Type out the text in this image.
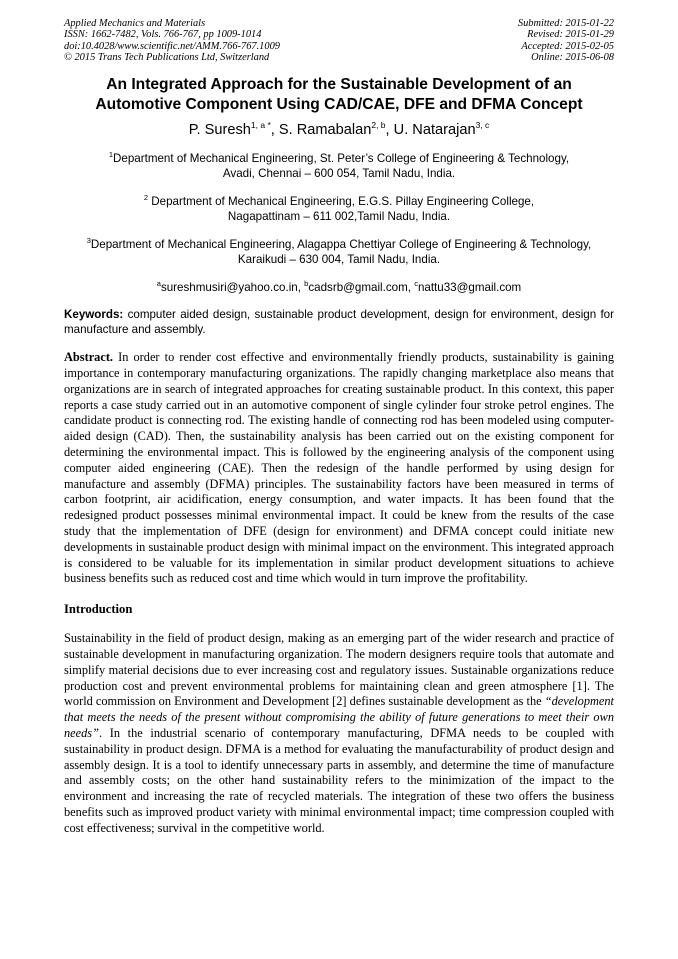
Applied Mechanics and Materials
ISSN: 1662-7482, Vols. 766-767, pp 1009-1014
doi:10.4028/www.scientific.net/AMM.766-767.1009
© 2015 Trans Tech Publications Ltd, Switzerland
Submitted: 2015-01-22
Revised: 2015-01-29
Accepted: 2015-02-05
Online: 2015-06-08
An Integrated Approach for the Sustainable Development of an
Automotive Component Using CAD/CAE, DFE and DFMA Concept
P. Suresh$^{1, a *}$, S. Ramabalan$^{2, b}$, U. Natarajan$^{3, c}$
$^1$Department of Mechanical Engineering, St. Peter’s College of Engineering & Technology,
Avadi, Chennai – 600 054, Tamil Nadu, India.
$^2$ Department of Mechanical Engineering, E.G.S. Pillay Engineering College,
Nagapattinam – 611 002,Tamil Nadu, India.
$^3$Department of Mechanical Engineering, Alagappa Chettiyar College of Engineering & Technology,
Karaikudi – 630 004, Tamil Nadu, India.
$^a$sureshmusiri@yahoo.co.in, $^b$cadsrb@gmail.com, $^c$nattu33@gmail.com
Keywords: computer aided design, sustainable product development, design for environment, design for manufacture and assembly.
Abstract. In order to render cost effective and environmentally friendly products, sustainability is gaining importance in contemporary manufacturing organizations. The rapidly changing marketplace also means that organizations are in search of integrated approaches for creating sustainable product. In this context, this paper reports a case study carried out in an automotive component of single cylinder four stroke petrol engines. The candidate product is connecting rod. The existing handle of connecting rod has been modeled using computer-aided design (CAD). Then, the sustainability analysis has been carried out on the existing component for determining the environmental impact. This is followed by the engineering analysis of the component using computer aided engineering (CAE). Then the redesign of the handle performed by using design for manufacture and assembly (DFMA) principles. The sustainability factors have been measured in terms of carbon footprint, air acidification, energy consumption, and water impacts. It has been found that the redesigned product possesses minimal environmental impact. It could be knew from the results of the case study that the implementation of DFE (design for environment) and DFMA concept could initiate new developments in sustainable product design with minimal impact on the environment. This integrated approach is considered to be valuable for its implementation in similar product development situations to achieve business benefits such as reduced cost and time which would in turn improve the profitability.
Introduction
Sustainability in the field of product design, making as an emerging part of the wider research and practice of sustainable development in manufacturing organization. The modern designers require tools that automate and simplify material decisions due to ever increasing cost and regulatory issues. Sustainable organizations reduce production cost and prevent environmental problems for maintaining clean and green atmosphere [1]. The world commission on Environment and Development [2] defines sustainable development as the “development that meets the needs of the present without compromising the ability of future generations to meet their own needs”. In the industrial scenario of contemporary manufacturing, DFMA needs to be coupled with sustainability in product design. DFMA is a method for evaluating the manufacturability of product design and assembly design. It is a tool to identify unnecessary parts in assembly, and determine the time of manufacture and assembly costs; on the other hand sustainability refers to the minimization of the impact to the environment and increasing the rate of recycled materials. The integration of these two offers the business benefits such as improved product variety with minimal environmental impact; time compression coupled with cost effectiveness; survival in the competitive world.
